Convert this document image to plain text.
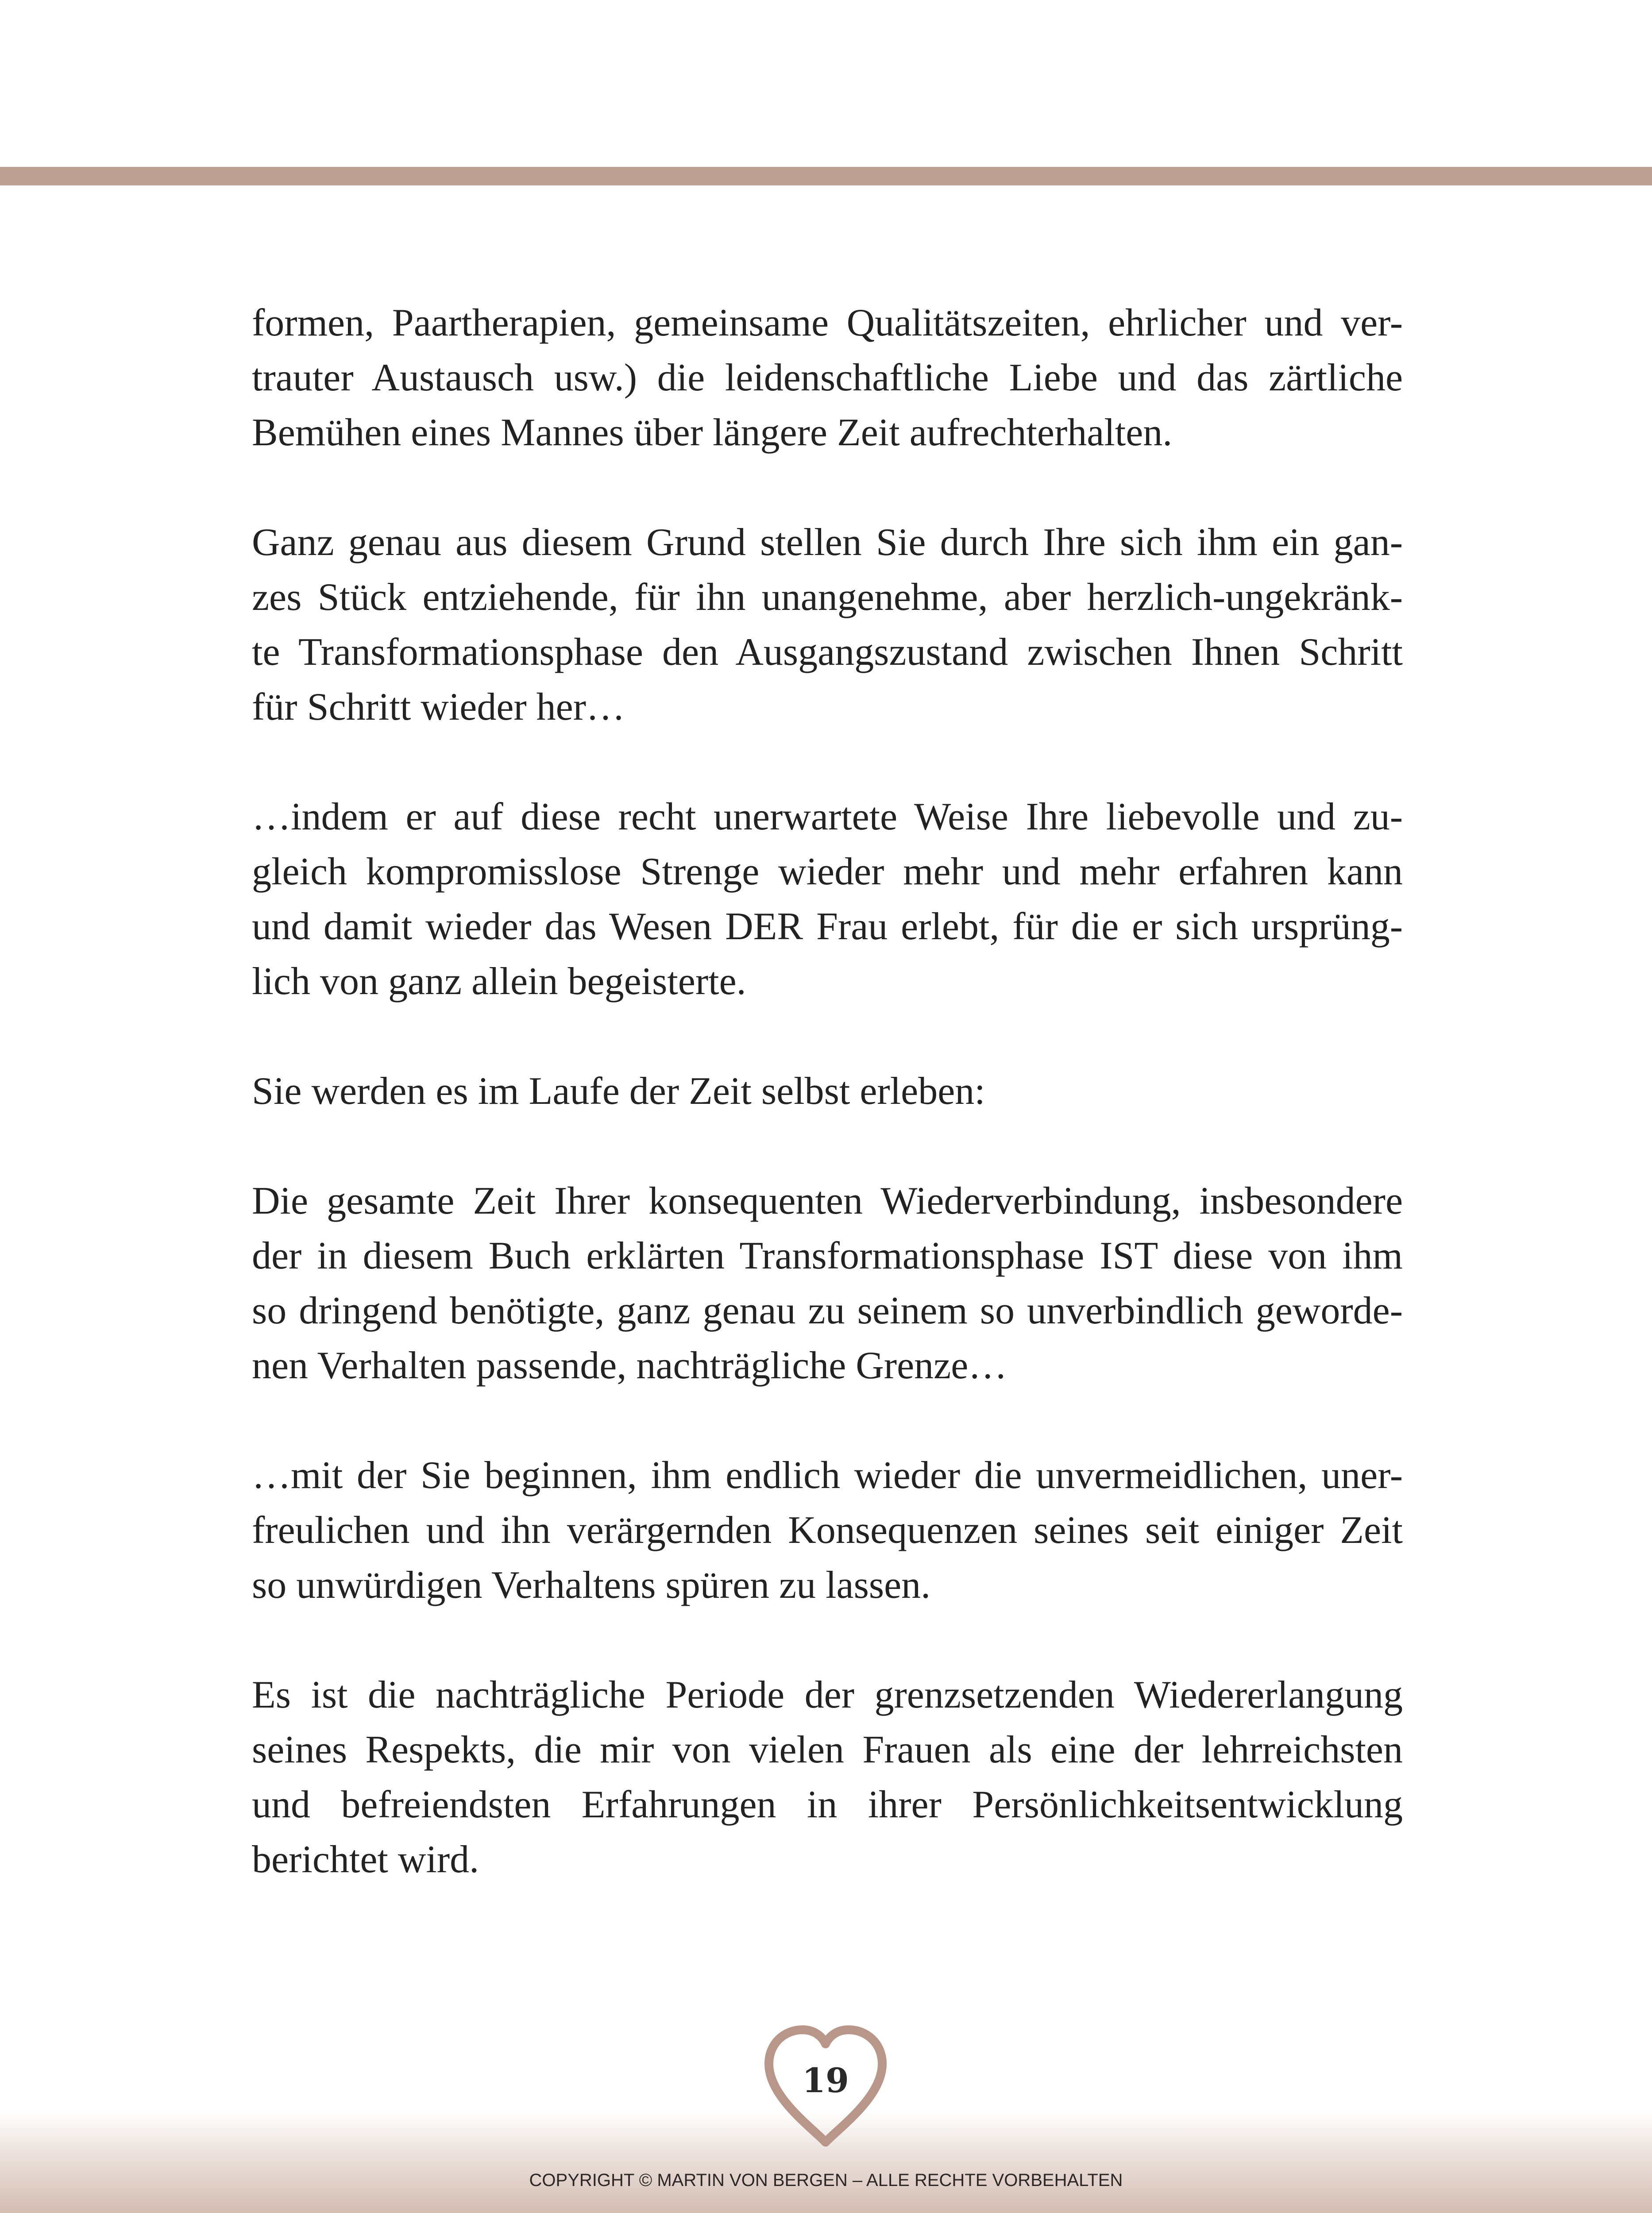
formen, Paartherapien, gemeinsame Qualitätszeiten, ehrlicher und ver-
trauter Austausch usw.) die leidenschaftliche Liebe und das zärtliche
Bemühen eines Mannes über längere Zeit aufrechterhalten.

Ganz genau aus diesem Grund stellen Sie durch Ihre sich ihm ein gan-
zes Stück entziehende, für ihn unangenehme, aber herzlich-ungekränk-
te Transformationsphase den Ausgangszustand zwischen Ihnen Schritt
für Schritt wieder her…

…indem er auf diese recht unerwartete Weise Ihre liebevolle und zu-
gleich kompromisslose Strenge wieder mehr und mehr erfahren kann
und damit wieder das Wesen DER Frau erlebt, für die er sich ursprüng-
lich von ganz allein begeisterte.

Sie werden es im Laufe der Zeit selbst erleben:

Die gesamte Zeit Ihrer konsequenten Wiederverbindung, insbesondere
der in diesem Buch erklärten Transformationsphase IST diese von ihm
so dringend benötigte, ganz genau zu seinem so unverbindlich geworde-
nen Verhalten passende, nachträgliche Grenze…

…mit der Sie beginnen, ihm endlich wieder die unvermeidlichen, uner-
freulichen und ihn verärgernden Konsequenzen seines seit einiger Zeit
so unwürdigen Verhaltens spüren zu lassen.

Es ist die nachträgliche Periode der grenzsetzenden Wiedererlangung
seines Respekts, die mir von vielen Frauen als eine der lehrreichsten
und befreiendsten Erfahrungen in ihrer Persönlichkeitsentwicklung
berichtet wird.

19
COPYRIGHT © MARTIN VON BERGEN – ALLE RECHTE VORBEHALTEN
